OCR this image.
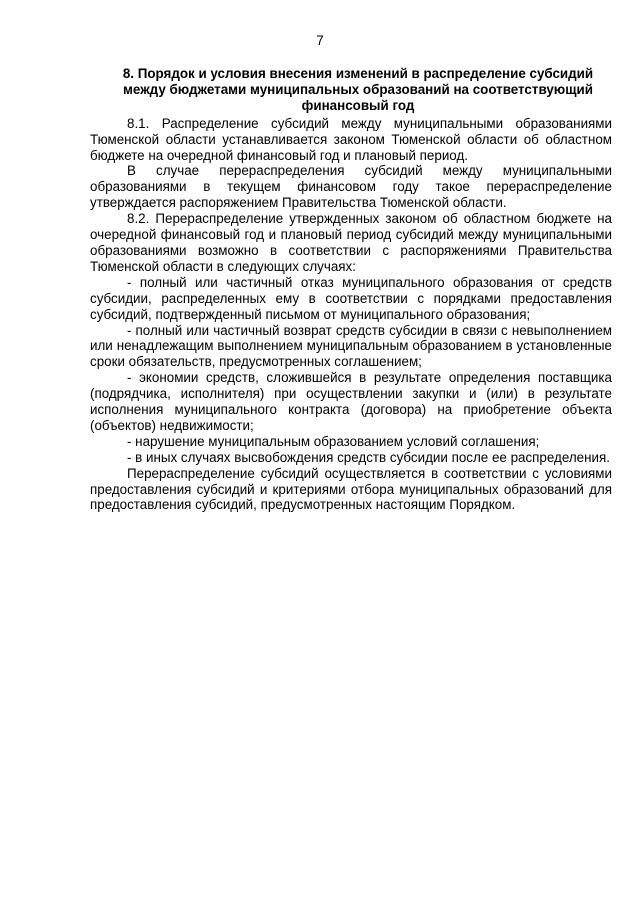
7
8. Порядок и условия внесения изменений в распределение субсидий между бюджетами муниципальных образований на соответствующий финансовый год

8.1. Распределение субсидий между муниципальными образованиями Тюменской области устанавливается законом Тюменской области об областном бюджете на очередной финансовый год и плановый период.

В случае перераспределения субсидий между муниципальными образованиями в текущем финансовом году такое перераспределение утверждается распоряжением Правительства Тюменской области.

8.2. Перераспределение утвержденных законом об областном бюджете на очередной финансовый год и плановый период субсидий между муниципальными образованиями возможно в соответствии с распоряжениями Правительства Тюменской области в следующих случаях:

- полный или частичный отказ муниципального образования от средств субсидии, распределенных ему в соответствии с порядками предоставления субсидий, подтвержденный письмом от муниципального образования;

- полный или частичный возврат средств субсидии в связи с невыполнением или ненадлежащим выполнением муниципальным образованием в установленные сроки обязательств, предусмотренных соглашением;

- экономии средств, сложившейся в результате определения поставщика (подрядчика, исполнителя) при осуществлении закупки и (или) в результате исполнения муниципального контракта (договора) на приобретение объекта (объектов) недвижимости;

- нарушение муниципальным образованием условий соглашения;

- в иных случаях высвобождения средств субсидии после ее распределения.

Перераспределение субсидий осуществляется в соответствии с условиями предоставления субсидий и критериями отбора муниципальных образований для предоставления субсидий, предусмотренных настоящим Порядком.
